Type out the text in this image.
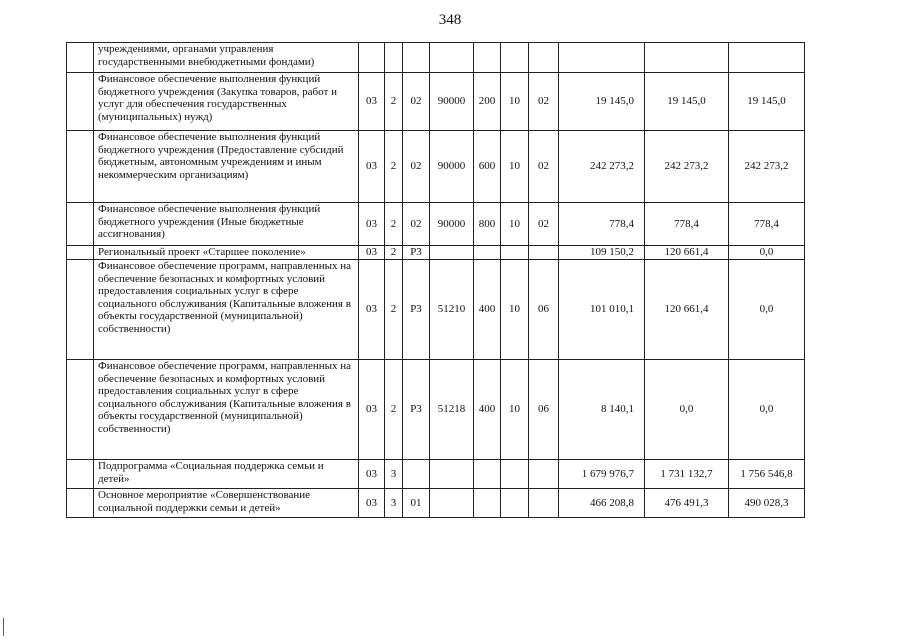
348
	учреждениями, органами управления государственными внебюджетными фондами)										
	Финансовое обеспечение выполнения функций бюджетного учреждения (Закупка товаров, работ и услуг для обеспечения государственных (муниципальных) нужд)	03	2	02	90000	200	10	02	19 145,0	19 145,0	19 145,0
	Финансовое обеспечение выполнения функций бюджетного учреждения (Предоставление субсидий бюджетным, автономным учреждениям и иным некоммерческим организациям)	03	2	02	90000	600	10	02	242 273,2	242 273,2	242 273,2
	Финансовое обеспечение выполнения функций бюджетного учреждения (Иные бюджетные ассигнования)	03	2	02	90000	800	10	02	778,4	778,4	778,4
	Региональный проект «Старшее поколение»	03	2	P3					109 150,2	120 661,4	0,0
	Финансовое обеспечение программ, направленных на обеспечение безопасных и комфортных условий предоставления социальных услуг в сфере социального обслуживания (Капитальные вложения в объекты государственной (муниципальной) собственности)	03	2	P3	51210	400	10	06	101 010,1	120 661,4	0,0
	Финансовое обеспечение программ, направленных на обеспечение безопасных и комфортных условий предоставления социальных услуг в сфере социального обслуживания (Капитальные вложения в объекты государственной (муниципальной) собственности)	03	2	P3	51218	400	10	06	8 140,1	0,0	0,0
	Подпрограмма «Социальная поддержка семьи и детей»	03	3						1 679 976,7	1 731 132,7	1 756 546,8
	Основное мероприятие «Совершенствование социальной поддержки семьи и детей»	03	3	01					466 208,8	476 491,3	490 028,3
